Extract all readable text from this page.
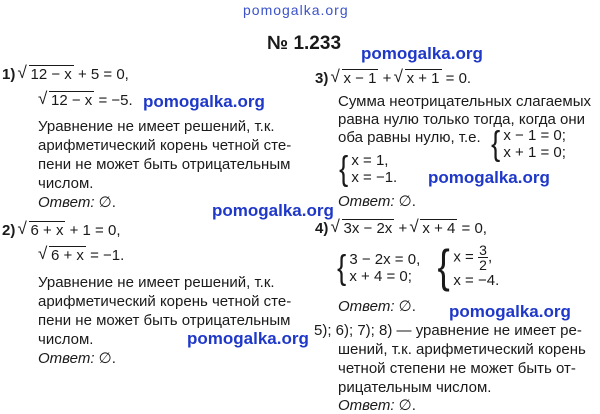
pomogalka.org
pomogalka.org
pomogalka.org
pomogalka.org
pomogalka.org
pomogalka.org
pomogalka.org
№ 1.233
1) √ 12 − x + 5 = 0,
√ 12 − x = −5.
Уравнение не имеет решений, т.к.
арифметический корень четной сте-
пени не может быть отрицательным
числом.
Ответ: ∅.
2) √ 6 + x + 1 = 0,
√ 6 + x = −1.
Уравнение не имеет решений, т.к.
арифметический корень четной сте-
пени не может быть отрицательным
числом.
Ответ: ∅.
3) √ x − 1 + √ x + 1 = 0.
Сумма неотрицательных слагаемых
равна нулю только тогда, когда они
оба равны нулю, т.е. { x − 1 = 0;
x + 1 = 0;
{ x = 1,
x = −1.
Ответ: ∅.
4) √ 3x − 2x + √ x + 4 = 0,
{ 3 − 2x = 0,
x + 4 = 0; { $x = \frac{3}{2}$ ,
x = −4.
Ответ: ∅.
5); 6); 7); 8) — уравнение не имеет ре-
шений, т.к. арифметический корень
четной степени не может быть от-
рицательным числом.
Ответ: ∅.
